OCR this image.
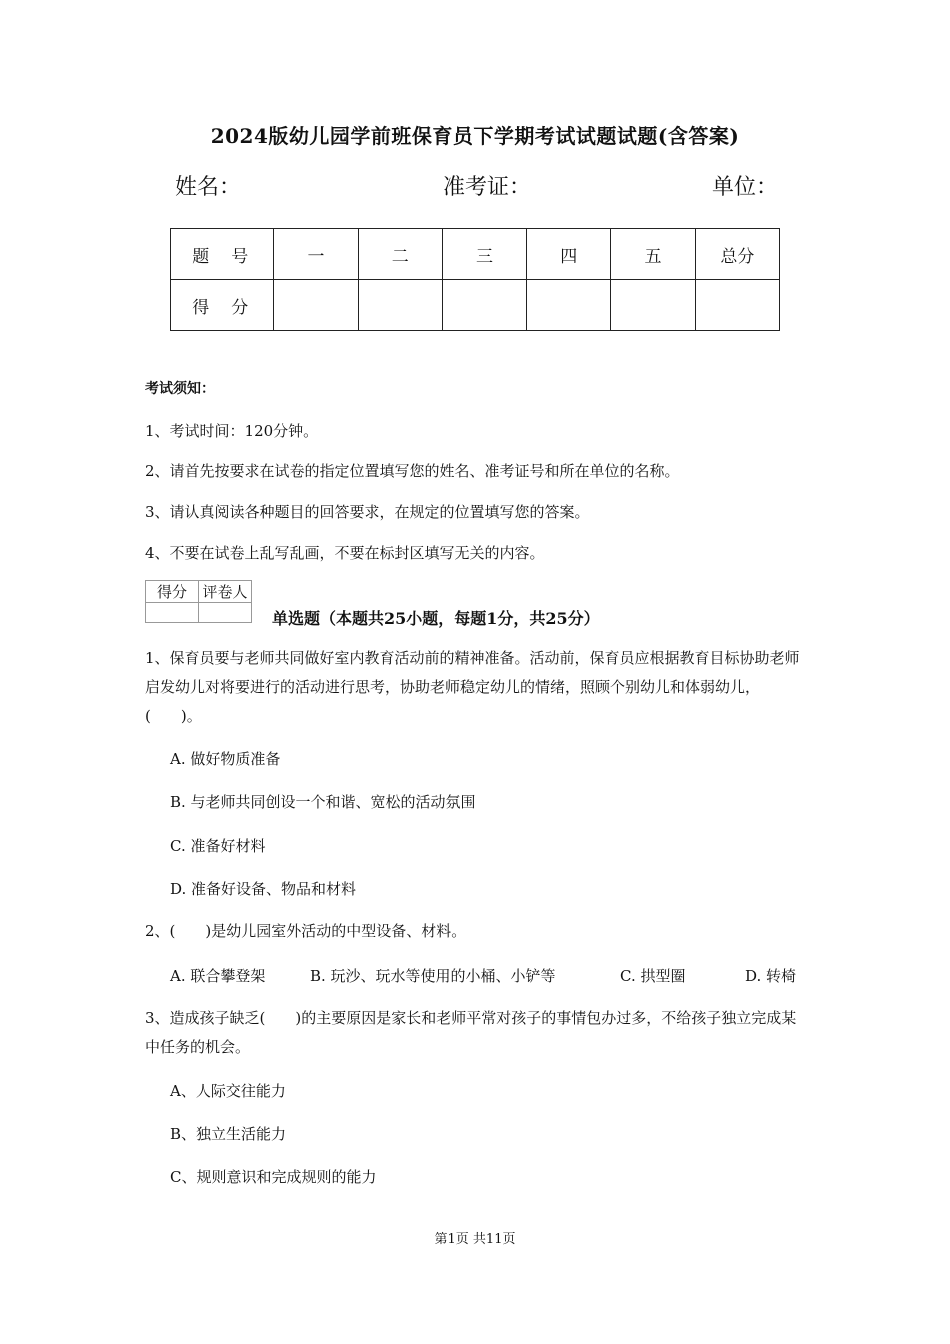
2024版幼儿园学前班保育员下学期考试试题试题(含答案)
姓名：	准考证：	单位：
题号	一	二	三	四	五	总分
得分						
考试须知：
1、考试时间：120分钟。
2、请首先按要求在试卷的指定位置填写您的姓名、准考证号和所在单位的名称。
3、请认真阅读各种题目的回答要求，在规定的位置填写您的答案。
4、不要在试卷上乱写乱画，不要在标封区填写无关的内容。
得分	评卷人

单选题（本题共25小题，每题1分，共25分）
1、保育员要与老师共同做好室内教育活动前的精神准备。活动前，保育员应根据教育目标协助老师启发幼儿对将要进行的活动进行思考，协助老师稳定幼儿的情绪，照顾个别幼儿和体弱幼儿，(　　)。
A. 做好物质准备
B. 与老师共同创设一个和谐、宽松的活动氛围
C. 准备好材料
D. 准备好设备、物品和材料
2、(　　)是幼儿园室外活动的中型设备、材料。
A. 联合攀登架	B. 玩沙、玩水等使用的小桶、小铲等	C. 拱型圈	D. 转椅
3、造成孩子缺乏(　　)的主要原因是家长和老师平常对孩子的事情包办过多，不给孩子独立完成某中任务的机会。
A、人际交往能力
B、独立生活能力
C、规则意识和完成规则的能力
第1页 共11页
